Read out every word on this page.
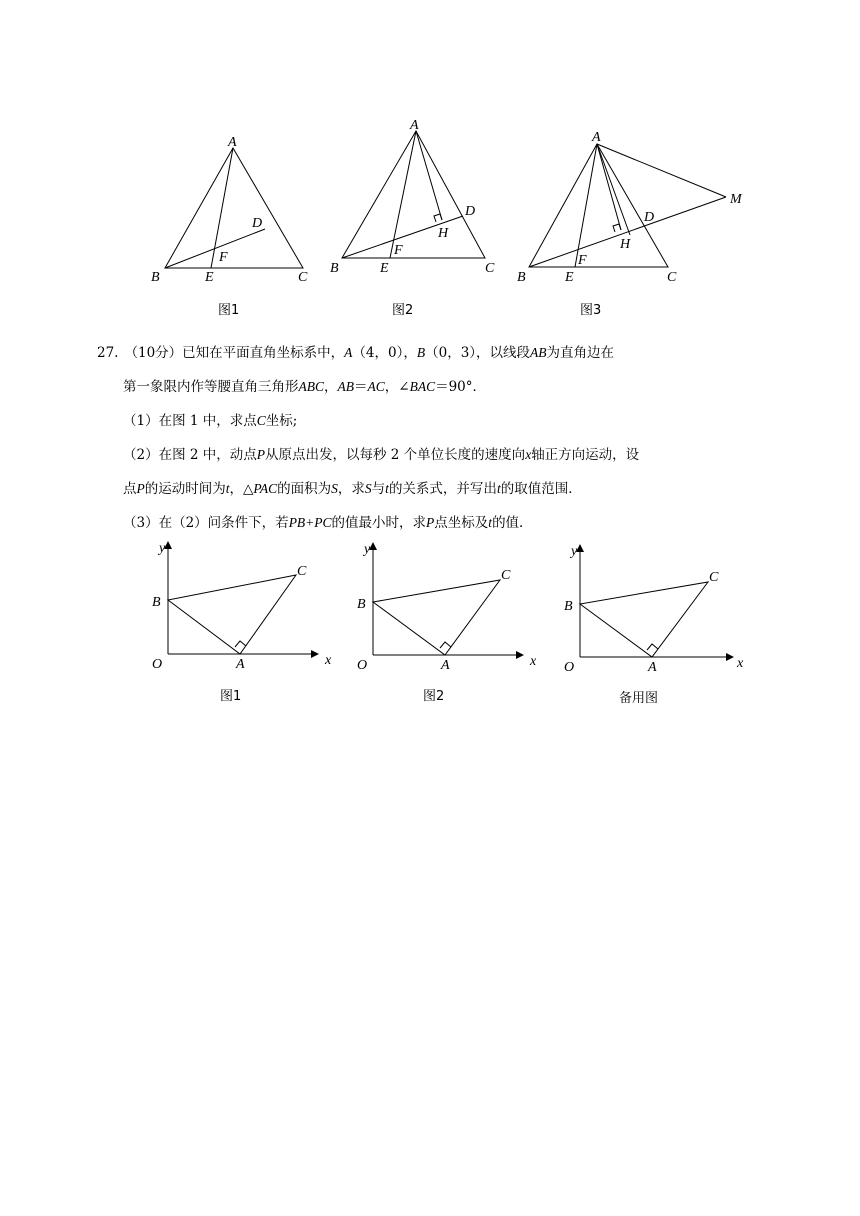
A
B	C
D
E
F
图1
A
B	C
D
E
F
H
图2
A
B	C
D
E
F
H
M
图3

27. （10分）已知在平面直角坐标系中，A（4，0），B（0，3），以线段AB为直角边在

第一象限内作等腰直角三角形ABC，AB＝AC，∠BAC＝90°．

（1）在图 1 中，求点C坐标;

（2）在图 2 中，动点P从原点出发，以每秒 2 个单位长度的速度向x轴正方向运动，设

点P的运动时间为t，△PAC的面积为S，求S与t的关系式，并写出t的取值范围．

（3）在（2）问条件下，若PB+PC的值最小时，求P点坐标及t的值．

y
B
C
O	A	x
图1
y
B
C
O	A	x
图2
y
B
C
O	A	x
备用图
